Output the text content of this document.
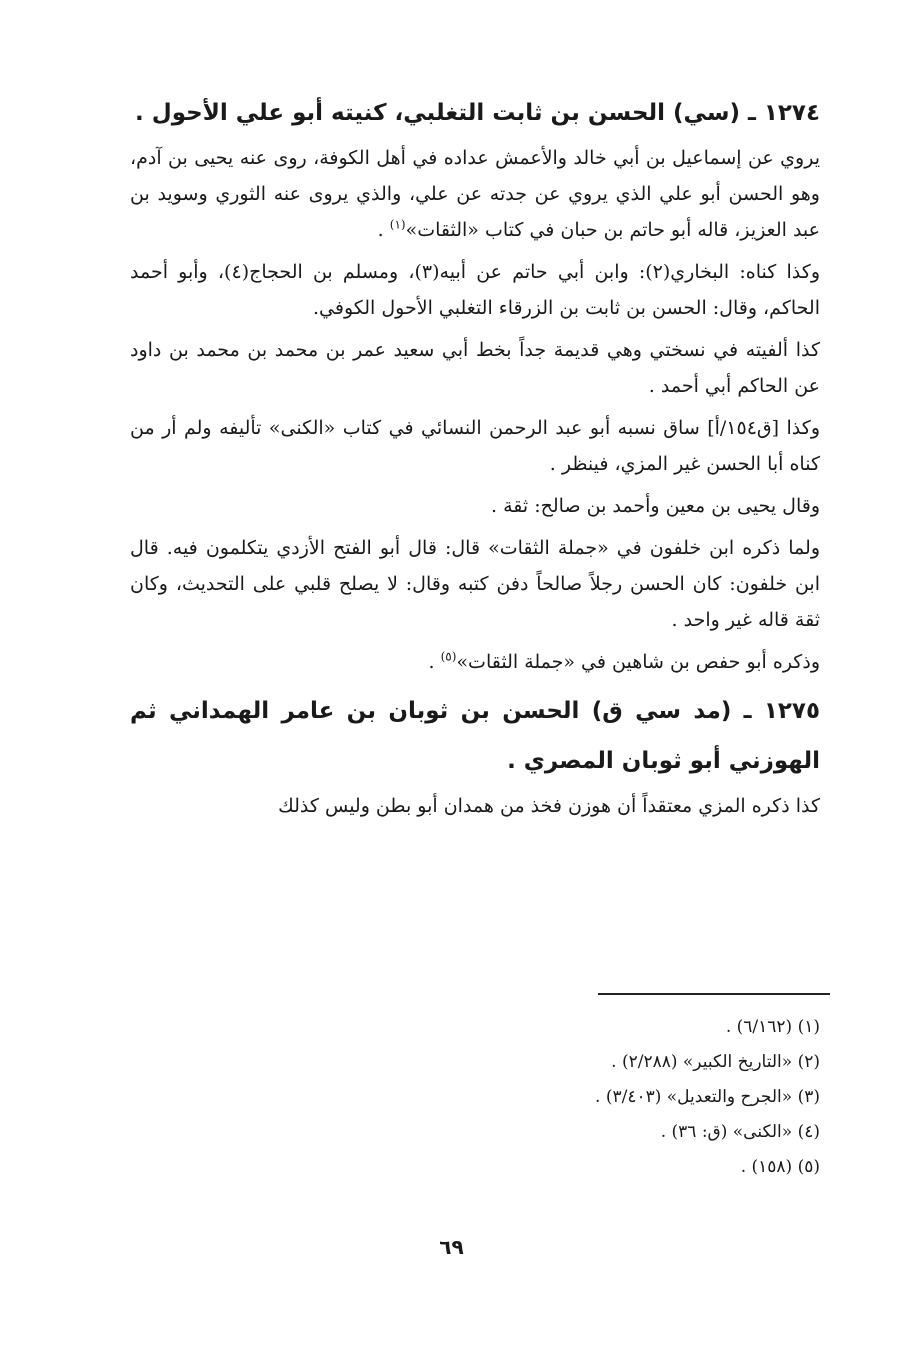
١٢٧٤ ـ (سي) الحسن بن ثابت التغلبي، كنيته أبو علي الأحول .
يروي عن إسماعيل بن أبي خالد والأعمش عداده في أهل الكوفة، روى عنه يحيى بن آدم، وهو الحسن أبو علي الذي يروي عن جدته عن علي، والذي يروى عنه الثوري وسويد بن عبد العزيز، قاله أبو حاتم بن حبان في كتاب «الثقات»$^{(١)}$ .
وكذا كناه: البخاري(٢): وابن أبي حاتم عن أبيه(٣)، ومسلم بن الحجاج(٤)، وأبو أحمد الحاكم، وقال: الحسن بن ثابت بن الزرقاء التغلبي الأحول الكوفي.
كذا ألفيته في نسختي وهي قديمة جداً بخط أبي سعيد عمر بن محمد بن محمد بن داود عن الحاكم أبي أحمد .
وكذا [ق١٥٤/أ] ساق نسبه أبو عبد الرحمن النسائي في كتاب «الكنى» تأليفه ولم أر من كناه أبا الحسن غير المزي، فينظر .
وقال يحيى بن معين وأحمد بن صالح: ثقة .
ولما ذكره ابن خلفون في «جملة الثقات» قال: قال أبو الفتح الأزدي يتكلمون فيه. قال ابن خلفون: كان الحسن رجلاً صالحاً دفن كتبه وقال: لا يصلح قلبي على التحديث، وكان ثقة قاله غير واحد .
وذكره أبو حفص بن شاهين في «جملة الثقات»$^{(٥)}$ .
١٢٧٥ ـ (مد سي ق) الحسن بن ثوبان بن عامر الهمداني ثم الهوزني أبو ثوبان المصري .
كذا ذكره المزي معتقداً أن هوزن فخذ من همدان أبو بطن وليس كذلك
(١) (٦/١٦٢) .
(٢) «التاريخ الكبير» (٢/٢٨٨) .
(٣) «الجرح والتعديل» (٣/٤٠٣) .
(٤) «الكنى» (ق: ٣٦) .
(٥) (١٥٨) .
٦٩
